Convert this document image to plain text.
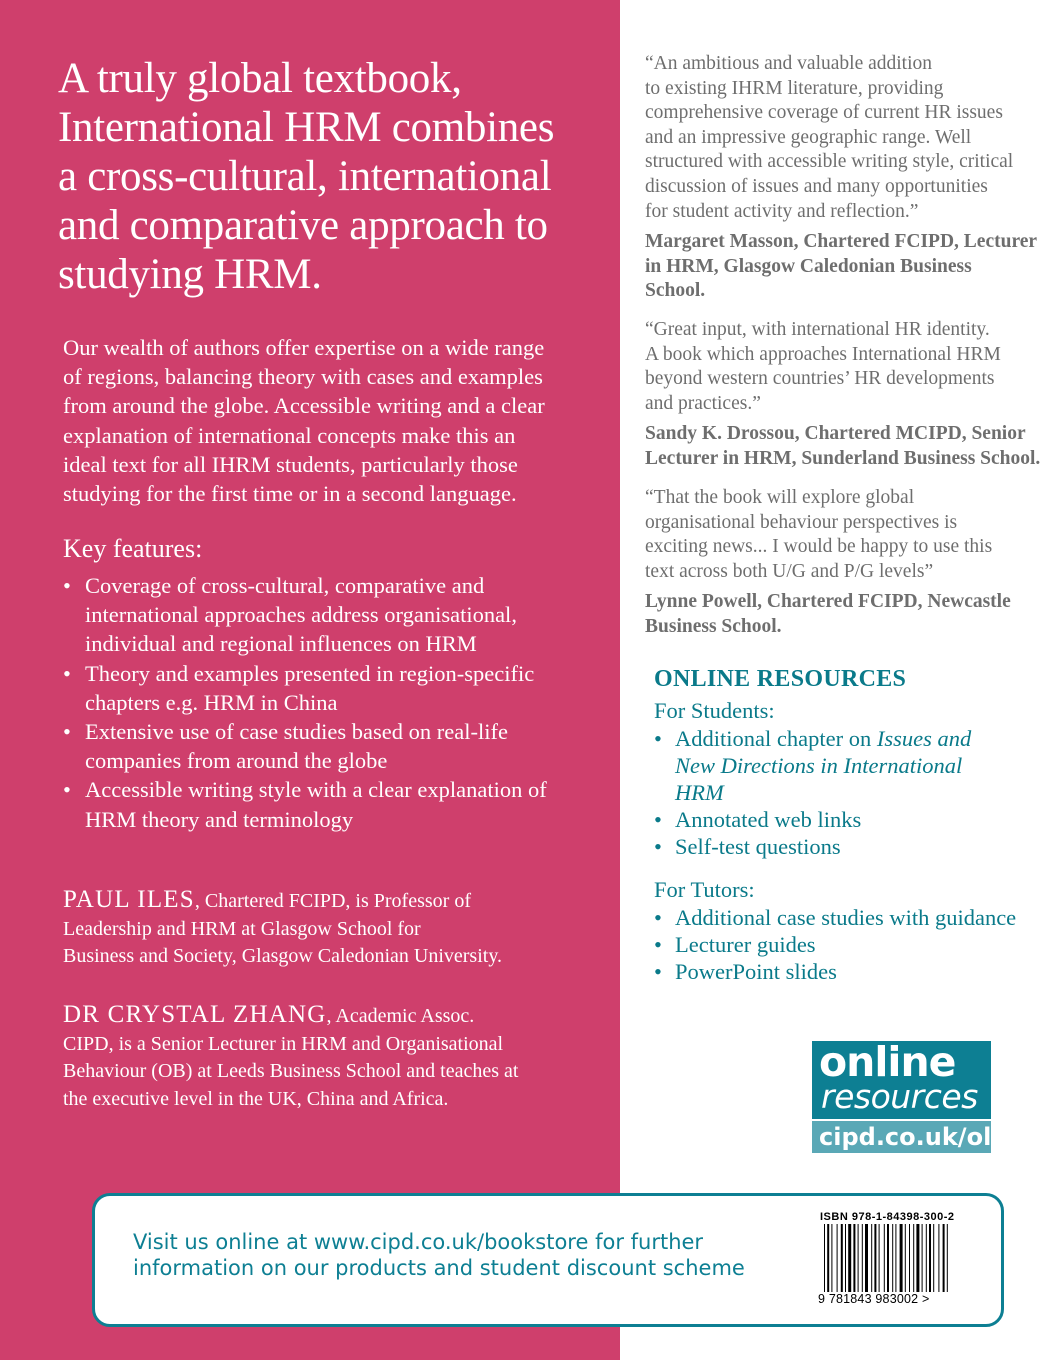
A truly global textbook,
International HRM combines
a cross-cultural, international
and comparative approach to
studying HRM.

Our wealth of authors offer expertise on a wide range
of regions, balancing theory with cases and examples
from around the globe. Accessible writing and a clear
explanation of international concepts make this an
ideal text for all IHRM students, particularly those
studying for the first time or in a second language.

Key features:
• Coverage of cross-cultural, comparative and
international approaches address organisational,
individual and regional influences on HRM
• Theory and examples presented in region-specific
chapters e.g. HRM in China
• Extensive use of case studies based on real-life
companies from around the globe
• Accessible writing style with a clear explanation of
HRM theory and terminology

PAUL ILES, Chartered FCIPD, is Professor of
Leadership and HRM at Glasgow School for
Business and Society, Glasgow Caledonian University.

DR CRYSTAL ZHANG, Academic Assoc.
CIPD, is a Senior Lecturer in HRM and Organisational
Behaviour (OB) at Leeds Business School and teaches at
the executive level in the UK, China and Africa.

“An ambitious and valuable addition
to existing IHRM literature, providing
comprehensive coverage of current HR issues
and an impressive geographic range. Well
structured with accessible writing style, critical
discussion of issues and many opportunities
for student activity and reflection.”

Margaret Masson, Chartered FCIPD, Lecturer
in HRM, Glasgow Caledonian Business
School.

“Great input, with international HR identity.
A book which approaches International HRM
beyond western countries’ HR developments
and practices.”

Sandy K. Drossou, Chartered MCIPD, Senior
Lecturer in HRM, Sunderland Business School.

“That the book will explore global
organisational behaviour perspectives is
exciting news... I would be happy to use this
text across both U/G and P/G levels”

Lynne Powell, Chartered FCIPD, Newcastle
Business School.
ONLINE RESOURCES

For Students:

• Additional chapter on Issues and
New Directions in International
HRM
• Annotated web links
• Self-test questions

For Tutors:

• Additional case studies with guidance
• Lecturer guides
• PowerPoint slides
online
resources
cipd.co.uk/olr

Visit us online at www.cipd.co.uk/bookstore for further
information on our products and student discount scheme

ISBN 978-1-84398-300-2
9 781843 983002 >
